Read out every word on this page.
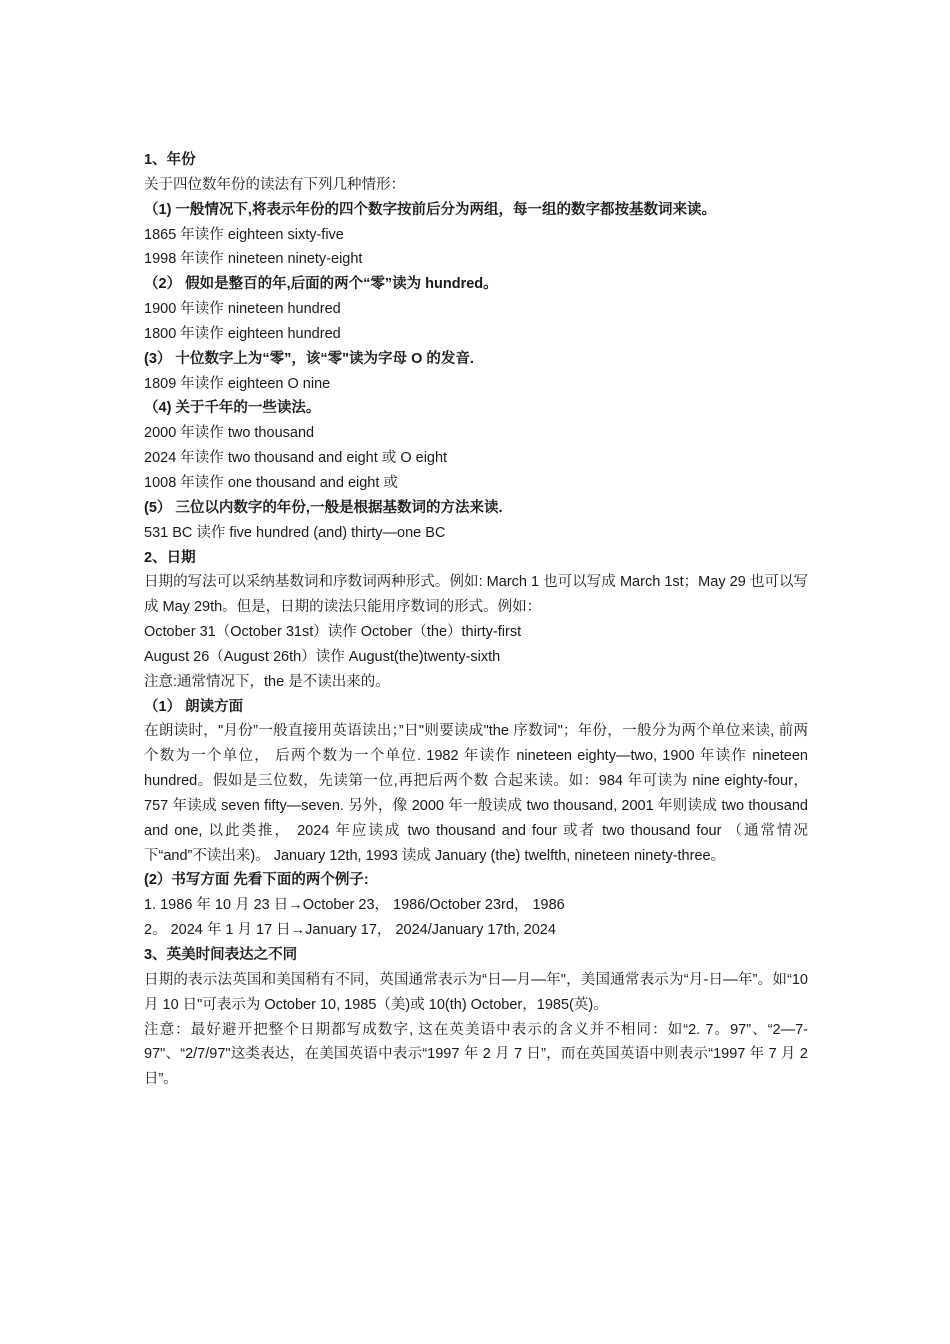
1、年份
关于四位数年份的读法有下列几种情形：
（1) 一般情况下,将表示年份的四个数字按前后分为两组，每一组的数字都按基数词来读。
1865 年读作 eighteen sixty-five
1998 年读作 nineteen ninety-eight
（2） 假如是整百的年,后面的两个“零”读为 hundred。
1900 年读作 nineteen hundred
1800 年读作 eighteen hundred
(3） 十位数字上为“零”，该“零"读为字母 O 的发音.
1809 年读作 eighteen O nine
（4) 关于千年的一些读法。
2000 年读作 two thousand
2024 年读作 two thousand and eight 或 O eight
1008 年读作 one thousand and eight 或
(5） 三位以内数字的年份,一般是根据基数词的方法来读.
531 BC 读作 five hundred (and) thirty—one BC
2、日期
日期的写法可以采纳基数词和序数词两种形式。例如: March 1 也可以写成 March 1st；May 29 也可以写成 May 29th。但是，日期的读法只能用序数词的形式。例如：
October 31（October 31st）读作 October（the）thirty-first
August 26（August 26th）读作 August(the)twenty-sixth
注意:通常情况下，the 是不读出来的。
（1） 朗读方面
在朗读时，"月份”一般直接用英语读出；”日"则要读成"the 序数词"；年份，一般分为两个单位来读, 前两个数为一个单位， 后两个数为一个单位. 1982 年读作 nineteen eighty—two, 1900 年读作 nineteen hundred。假如是三位数，先读第一位,再把后两个数 合起来读。如：984 年可读为 nine eighty-four，757 年读成 seven fifty—seven. 另外，像 2000 年一般读成 two thousand, 2001 年则读成 two thousand and one, 以此类推， 2024 年应读成 two thousand and four 或者 two thousand four （通常情况下“and”不读出来)。 January 12th, 1993 读成 January (the) twelfth, nineteen ninety-three。
(2）书写方面 先看下面的两个例子:
1. 1986 年 10 月 23 日→October 23， 1986/October 23rd， 1986
2。 2024 年 1 月 17 日→January 17， 2024/January 17th, 2024
3、英美时间表达之不同
日期的表示法英国和美国稍有不同，英国通常表示为“日—月—年"，美国通常表示为“月-日—年”。如“10 月 10 日"可表示为 October 10, 1985（美)或 10(th) October，1985(英)。
注意：最好避开把整个日期都写成数字, 这在英美语中表示的含义并不相同：如“2. 7。97”、“2—7-97"、“2/7/97"这类表达，在美国英语中表示“1997 年 2 月 7 日”，而在英国英语中则表示“1997 年 7 月 2 日”。
